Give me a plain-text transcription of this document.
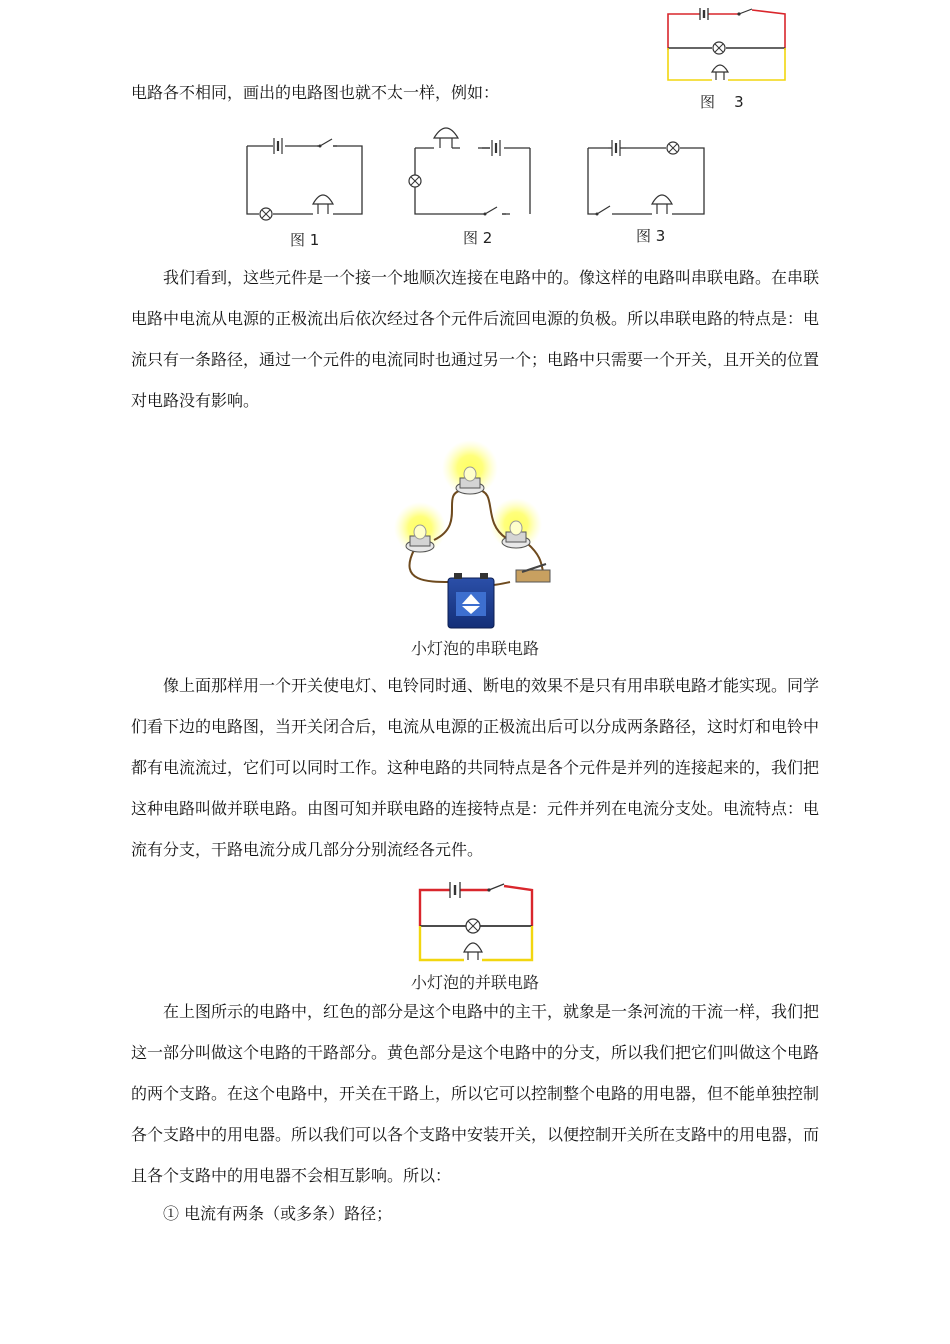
图 3
电路各不相同，画出的电路图也就不太一样，例如：
图 1	图 2	图 3
我们看到，这些元件是一个接一个地顺次连接在电路中的。像这样的电路叫串联电路。在串联电路中电流从电源的正极流出后依次经过各个元件后流回电源的负极。所以串联电路的特点是：电流只有一条路径，通过一个元件的电流同时也通过另一个；电路中只需要一个开关，且开关的位置对电路没有影响。
小灯泡的串联电路
像上面那样用一个开关使电灯、电铃同时通、断电的效果不是只有用串联电路才能实现。同学们看下边的电路图，当开关闭合后，电流从电源的正极流出后可以分成两条路径，这时灯和电铃中都有电流流过，它们可以同时工作。这种电路的共同特点是各个元件是并列的连接起来的，我们把这种电路叫做并联电路。由图可知并联电路的连接特点是：元件并列在电流分支处。电流特点：电流有分支，干路电流分成几部分分别流经各元件。
小灯泡的并联电路
在上图所示的电路中，红色的部分是这个电路中的主干，就象是一条河流的干流一样，我们把这一部分叫做这个电路的干路部分。黄色部分是这个电路中的分支，所以我们把它们叫做这个电路的两个支路。在这个电路中，开关在干路上，所以它可以控制整个电路的用电器，但不能单独控制各个支路中的用电器。所以我们可以各个支路中安装开关，以便控制开关所在支路中的用电器，而且各个支路中的用电器不会相互影响。所以：
① 电流有两条（或多条）路径；
